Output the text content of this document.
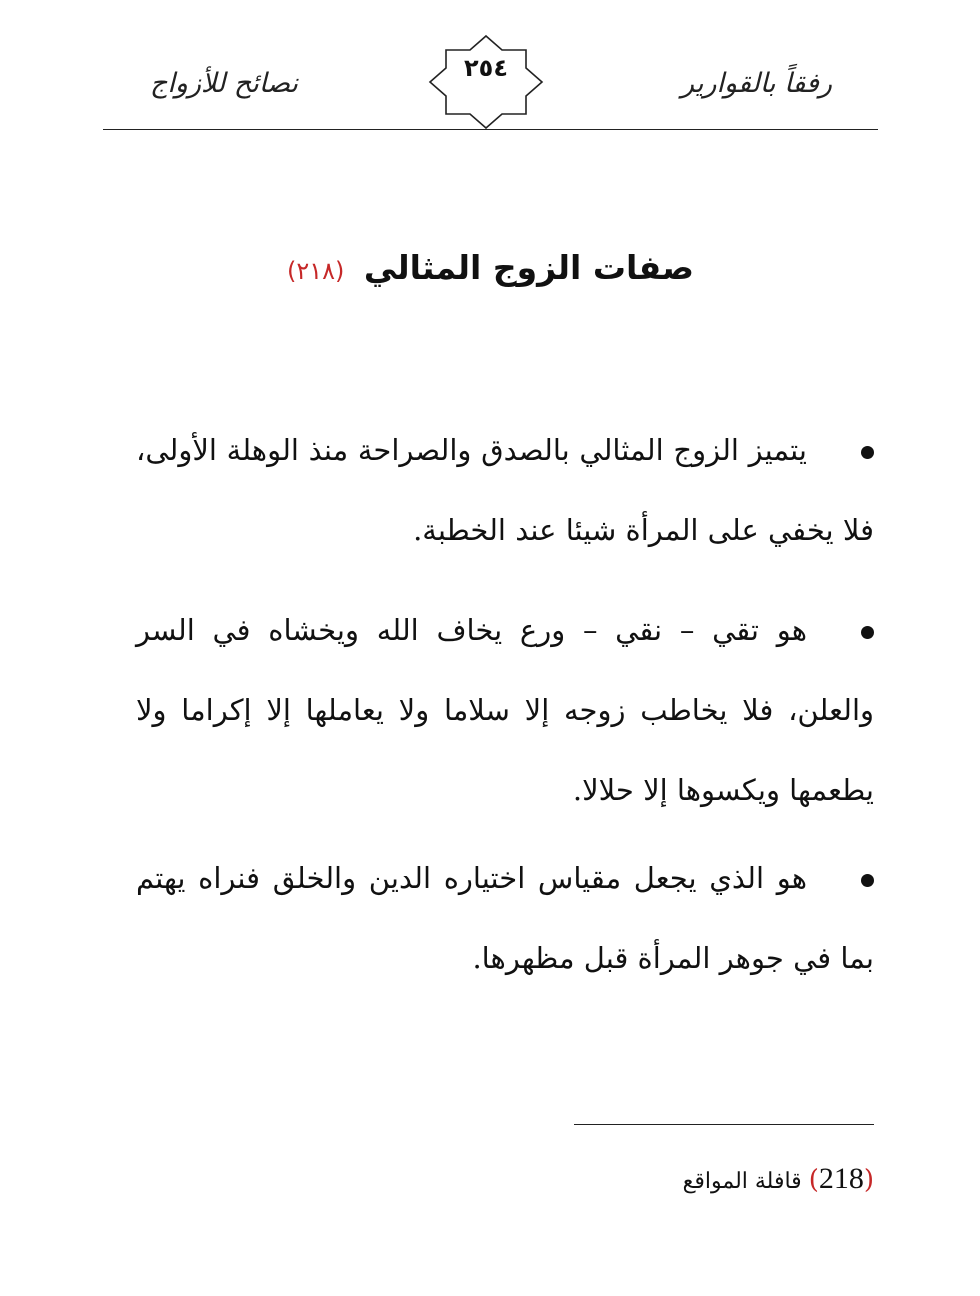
نصائح للأزواج	٢٥٤	رفقاً بالقوارير
صفات الزوج المثالي (٢١٨)
يتميز الزوج المثالي بالصدق والصراحة منذ الوهلة الأولى، فلا يخفي على المرأة شيئا عند الخطبة.
هو تقي – نقي – ورع يخاف الله ويخشاه في السر والعلن، فلا يخاطب زوجه إلا سلاما ولا يعاملها إلا إكراما ولا يطعمها ويكسوها إلا حلالا.
هو الذي يجعل مقياس اختياره الدين والخلق فنراه يهتم بما في جوهر المرأة قبل مظهرها.
(218) قافلة المواقع
